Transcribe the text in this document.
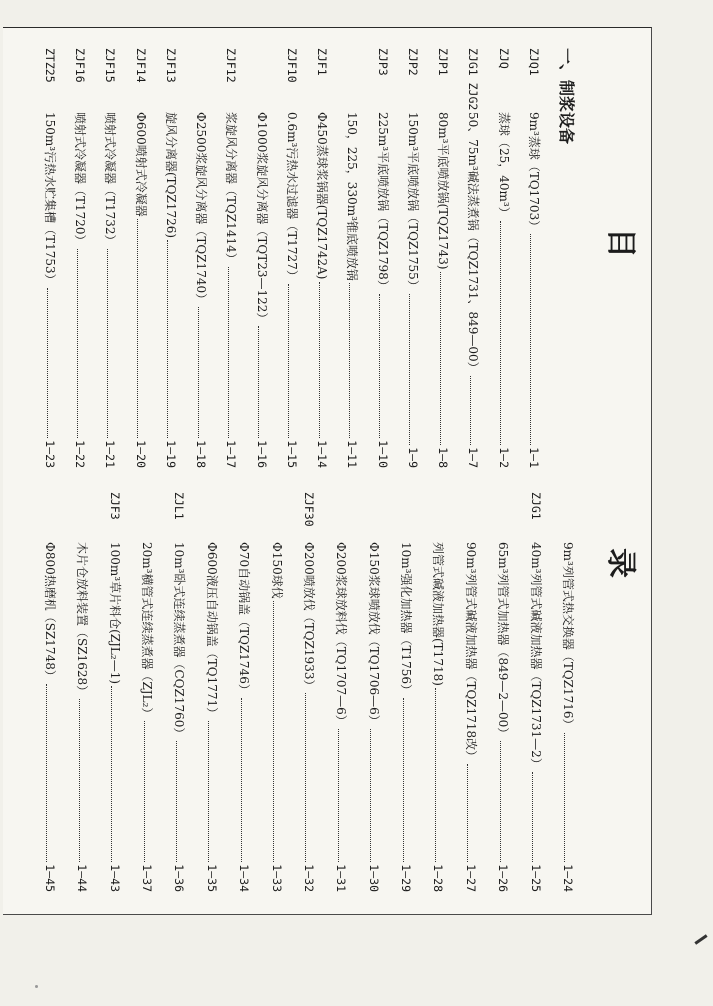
目　录
一、制浆设备
ZJQ1
9m³蒸球（TQ1703）
1—1
ZJQ
蒸球（25，40m³）
1—2
ZJG1 ZJG2
50、75m³碱法蒸煮锅（TQZ1731、849—00）
1—7
ZJP1
80m³平底喷放锅(TQZ1743)
1—8
ZJP2
150m³平底喷放锅（TQZ1755）
1—9
ZJP3
225m³平底喷放锅（TQZ1798）
1—10
150，225，330m³锥底喷放锅
1—11
ZJF1
Φ450蒸球浆锅器(TQZ1742A)
1—14
ZJF10
0.6m³污热水过滤器（T1727）
1—15
Φ1000浆旋风分离器（TQT23—122）
1—16
ZJF12
浆旋风分离器（TQZ1414）
1—17
Φ2500浆旋风分离器（TQZ1740）
1—18
ZJF13
旋风分离器(TQZ1726)
1—19
ZJF14
Φ600喷射式冷凝器
1—20
ZJF15
喷射式冷凝器（T1732）
1—21
ZJF16
喷射式冷凝器（T1720）
1—22
ZTZ25
150m³污热水贮集槽（T1753）
1—23
9m³列管式热交换器（TQZ1716）
1—24
ZJG1
40m³列管式碱液加热器（TQZ1731—2）
1—25
65m³列管式加热器（849—2—00）
1—26
90m³列管式碱液加热器（TQZ1718改）
1—27
列管式碱液加热器(T1718)
1—28
10m³强化加热器（T1756）
1—29
Φ150浆球喷放伐（TQ1706—6）
1—30
Φ200浆球放料伐（TQ1707—6）
1—31
ZJF30
Φ200喷放伐（TQZ1933）
1—32
Φ150球伐
1—33
Φ70自动锅盖（TQZ1746）
1—34
Φ600液压自动锅盖（TQ1771）
1—35
ZJL1
10m³卧式连续蒸煮器（CQZ1760）
1—36
20m³横管式连续蒸煮器（ZJL₂）
1—37
ZJF3
100m³草片料仓(ZJL₂—1)
1—43
木片仓放料装置（SZ1628）
1—44
Φ800热磨机（SZ1748）
1—45
